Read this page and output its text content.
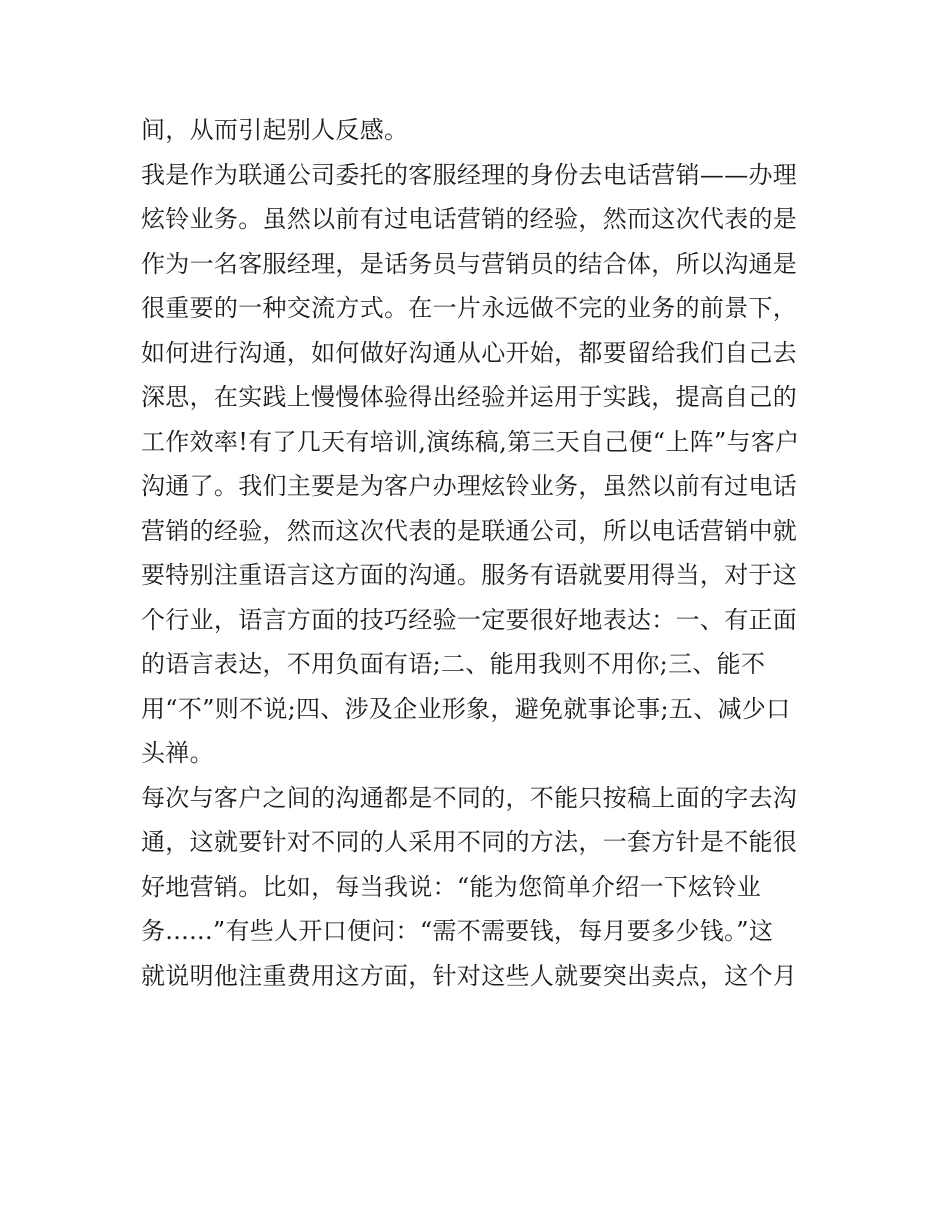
间，从而引起别人反感。
我是作为联通公司委托的客服经理的身份去电话营销——办理
炫铃业务。虽然以前有过电话营销的经验，然而这次代表的是
作为一名客服经理，是话务员与营销员的结合体，所以沟通是
很重要的一种交流方式。在一片永远做不完的业务的前景下，
如何进行沟通，如何做好沟通从心开始，都要留给我们自己去
深思，在实践上慢慢体验得出经验并运用于实践，提高自己的
工作效率!有了几天有培训,演练稿,第三天自己便“上阵”与客户
沟通了。我们主要是为客户办理炫铃业务，虽然以前有过电话
营销的经验，然而这次代表的是联通公司，所以电话营销中就
要特别注重语言这方面的沟通。服务有语就要用得当，对于这
个行业，语言方面的技巧经验一定要很好地表达：一、有正面
的语言表达，不用负面有语;二、能用我则不用你;三、能不
用“不”则不说;四、涉及企业形象，避免就事论事;五、减少口
头禅。
每次与客户之间的沟通都是不同的，不能只按稿上面的字去沟
通，这就要针对不同的人采用不同的方法，一套方针是不能很
好地营销。比如，每当我说：“能为您简单介绍一下炫铃业
务......”有些人开口便问：“需不需要钱，每月要多少钱。”这
就说明他注重费用这方面，针对这些人就要突出卖点，这个月
